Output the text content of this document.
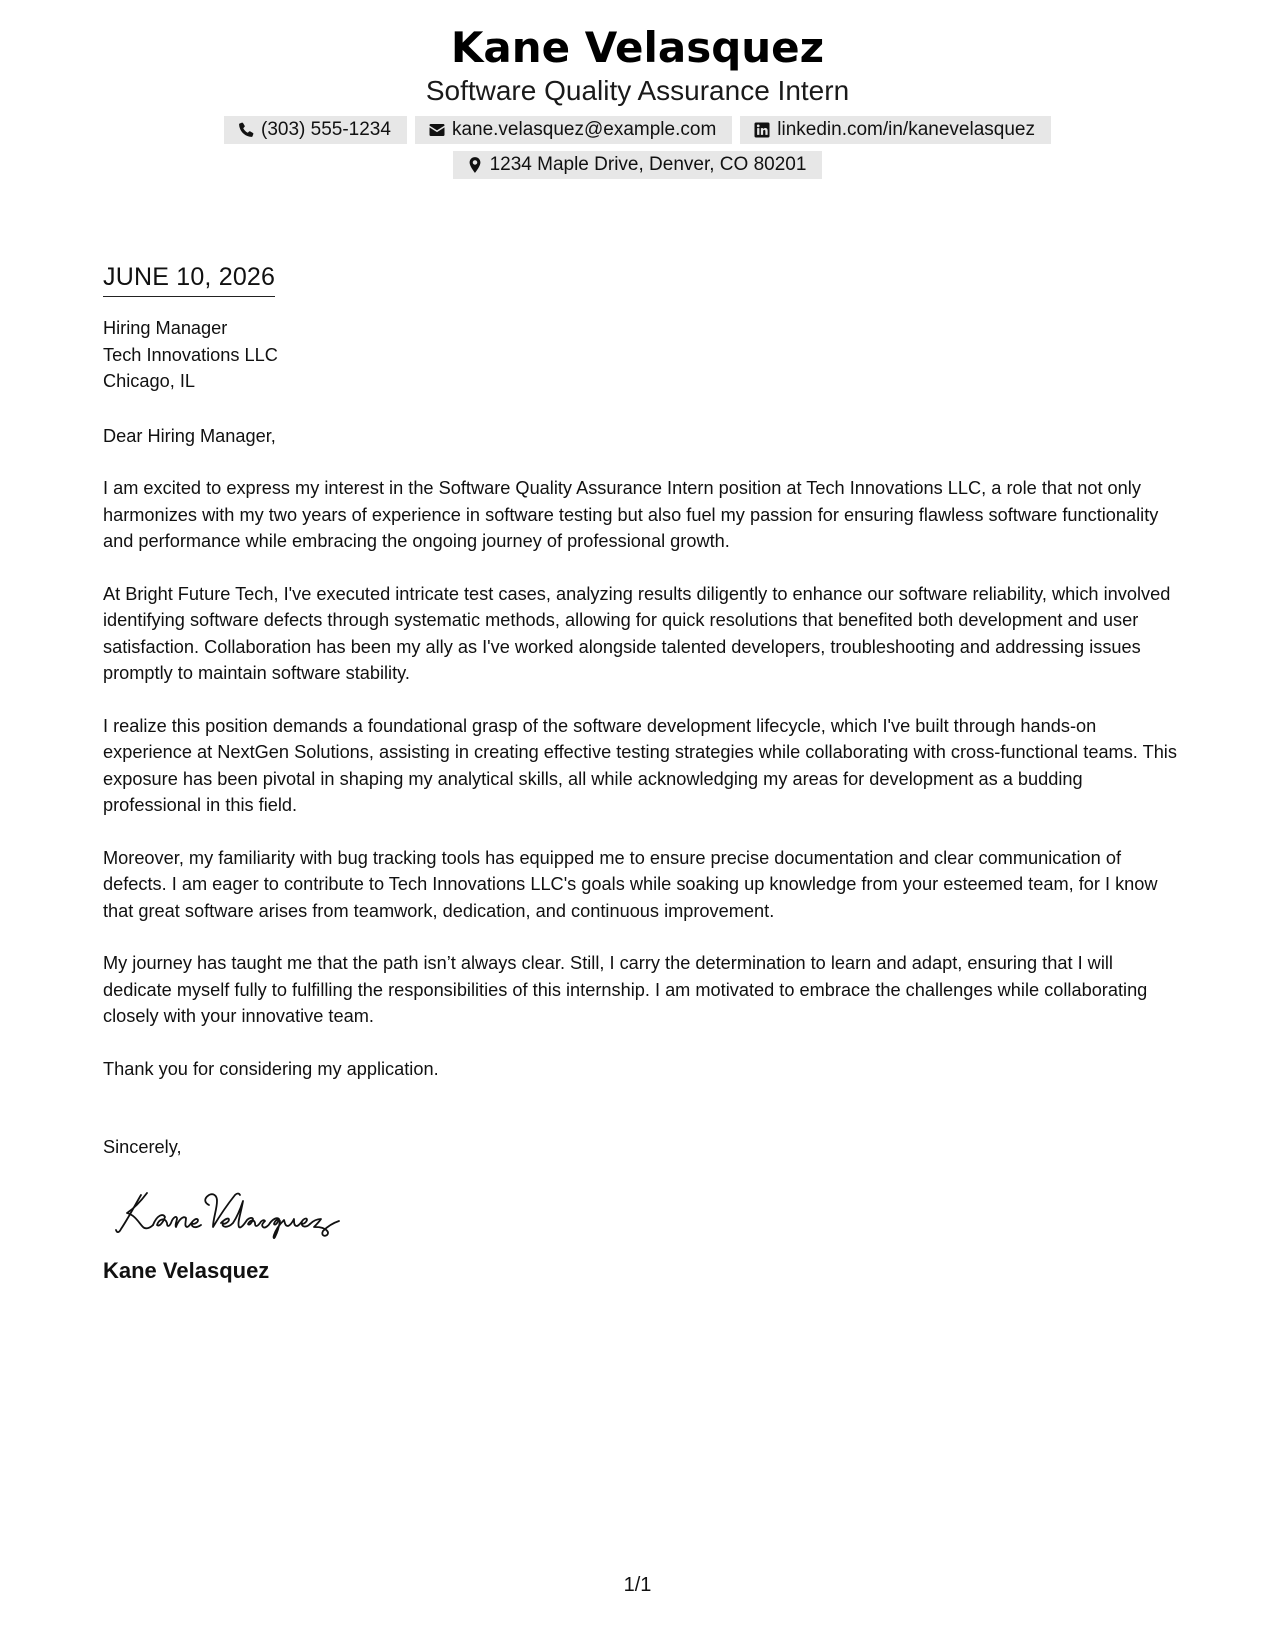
Kane Velasquez
Software Quality Assurance Intern
(303) 555-1234	kane.velasquez@example.com	linkedin.com/in/kanevelasquez
1234 Maple Drive, Denver, CO 80201
JUNE 10, 2026
Hiring Manager
Tech Innovations LLC
Chicago, IL
Dear Hiring Manager,
I am excited to express my interest in the Software Quality Assurance Intern position at Tech Innovations LLC, a role that not only harmonizes with my two years of experience in software testing but also fuel my passion for ensuring flawless software functionality and performance while embracing the ongoing journey of professional growth.
At Bright Future Tech, I've executed intricate test cases, analyzing results diligently to enhance our software reliability, which involved identifying software defects through systematic methods, allowing for quick resolutions that benefited both development and user satisfaction. Collaboration has been my ally as I've worked alongside talented developers, troubleshooting and addressing issues promptly to maintain software stability.
I realize this position demands a foundational grasp of the software development lifecycle, which I've built through hands-on experience at NextGen Solutions, assisting in creating effective testing strategies while collaborating with cross-functional teams. This exposure has been pivotal in shaping my analytical skills, all while acknowledging my areas for development as a budding professional in this field.
Moreover, my familiarity with bug tracking tools has equipped me to ensure precise documentation and clear communication of defects. I am eager to contribute to Tech Innovations LLC's goals while soaking up knowledge from your esteemed team, for I know that great software arises from teamwork, dedication, and continuous improvement.
My journey has taught me that the path isn’t always clear. Still, I carry the determination to learn and adapt, ensuring that I will dedicate myself fully to fulfilling the responsibilities of this internship. I am motivated to embrace the challenges while collaborating closely with your innovative team.
Thank you for considering my application.
Sincerely,
Kane Velasquez
1/1
